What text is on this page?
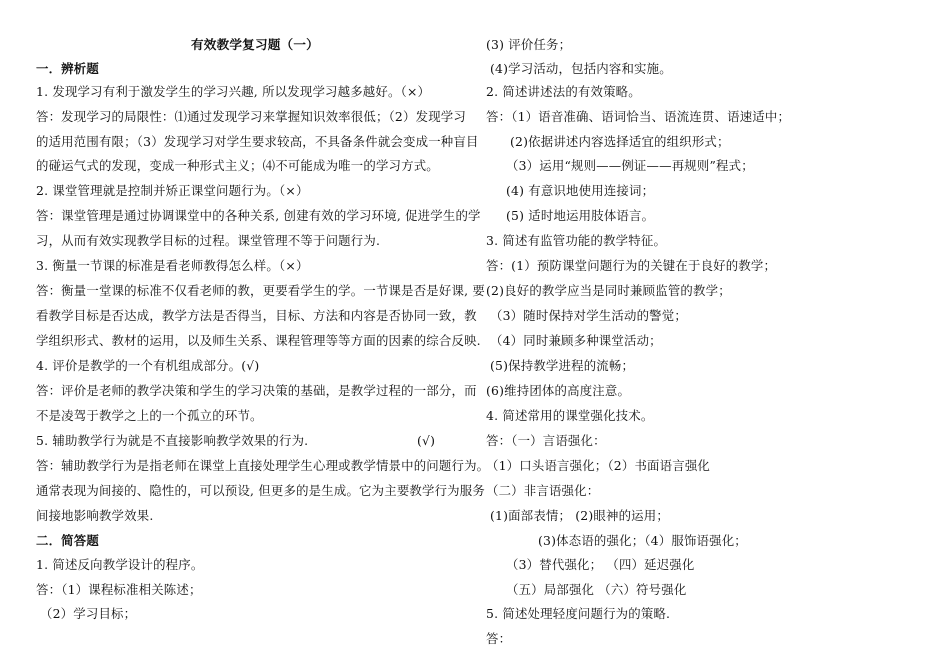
有效教学复习题（一）
一．辨析题
1. 发现学习有利于激发学生的学习兴趣, 所以发现学习越多越好。（×）
答：发现学习的局限性：⑴通过发现学习来掌握知识效率很低；（2）发现学习
的适用范围有限；（3）发现学习对学生要求较高，不具备条件就会变成一种盲目
的碰运气式的发现，变成一种形式主义；⑷不可能成为唯一的学习方式。
2. 课堂管理就是控制并矫正课堂问题行为。（×）
答：课堂管理是通过协调课堂中的各种关系, 创建有效的学习环境, 促进学生的学
习，从而有效实现教学目标的过程。课堂管理不等于问题行为.
3. 衡量一节课的标准是看老师教得怎么样。（×）
答：衡量一堂课的标准不仅看老师的教，更要看学生的学。一节课是否是好课, 要
看教学目标是否达成，教学方法是否得当，目标、方法和内容是否协同一致，教
学组织形式、教材的运用，以及师生关系、课程管理等等方面的因素的综合反映.
4. 评价是教学的一个有机组成部分。(√)
答：评价是老师的教学决策和学生的学习决策的基础，是教学过程的一部分，而
不是凌驾于教学之上的一个孤立的环节。
5. 辅助教学行为就是不直接影响教学效果的行为.	(√)
答：辅助教学行为是指老师在课堂上直接处理学生心理或教学情景中的问题行为。
通常表现为间接的、隐性的，可以预设, 但更多的是生成。它为主要教学行为服务
间接地影响教学效果.
二．简答题
1. 简述反向教学设计的程序。
答：（1）课程标准相关陈述；
（2）学习目标；
(3) 评价任务；
(4)学习活动，包括内容和实施。
2. 简述讲述法的有效策略。
答：（1）语音准确、语词恰当、语流连贯、语速适中；
(2)依据讲述内容选择适宜的组织形式；
（3）运用“规则——例证——再规则”程式；
(4) 有意识地使用连接词；
(5) 适时地运用肢体语言。
3. 简述有监管功能的教学特征。
答：(1）预防课堂问题行为的关键在于良好的教学；
(2)良好的教学应当是同时兼顾监管的教学；
（3）随时保持对学生活动的警觉；
（4）同时兼顾多种课堂活动；
(5)保持教学进程的流畅；
(6)维持团体的高度注意。
4. 简述常用的课堂强化技术。
答：（一）言语强化：
（1）口头语言强化；（2）书面语言强化
（二）非言语强化：
(1)面部表情； (2)眼神的运用；
(3)体态语的强化；（4）服饰语强化；
（3）替代强化； （四）延迟强化
（五）局部强化 （六）符号强化
5. 简述处理轻度问题行为的策略.
答：
